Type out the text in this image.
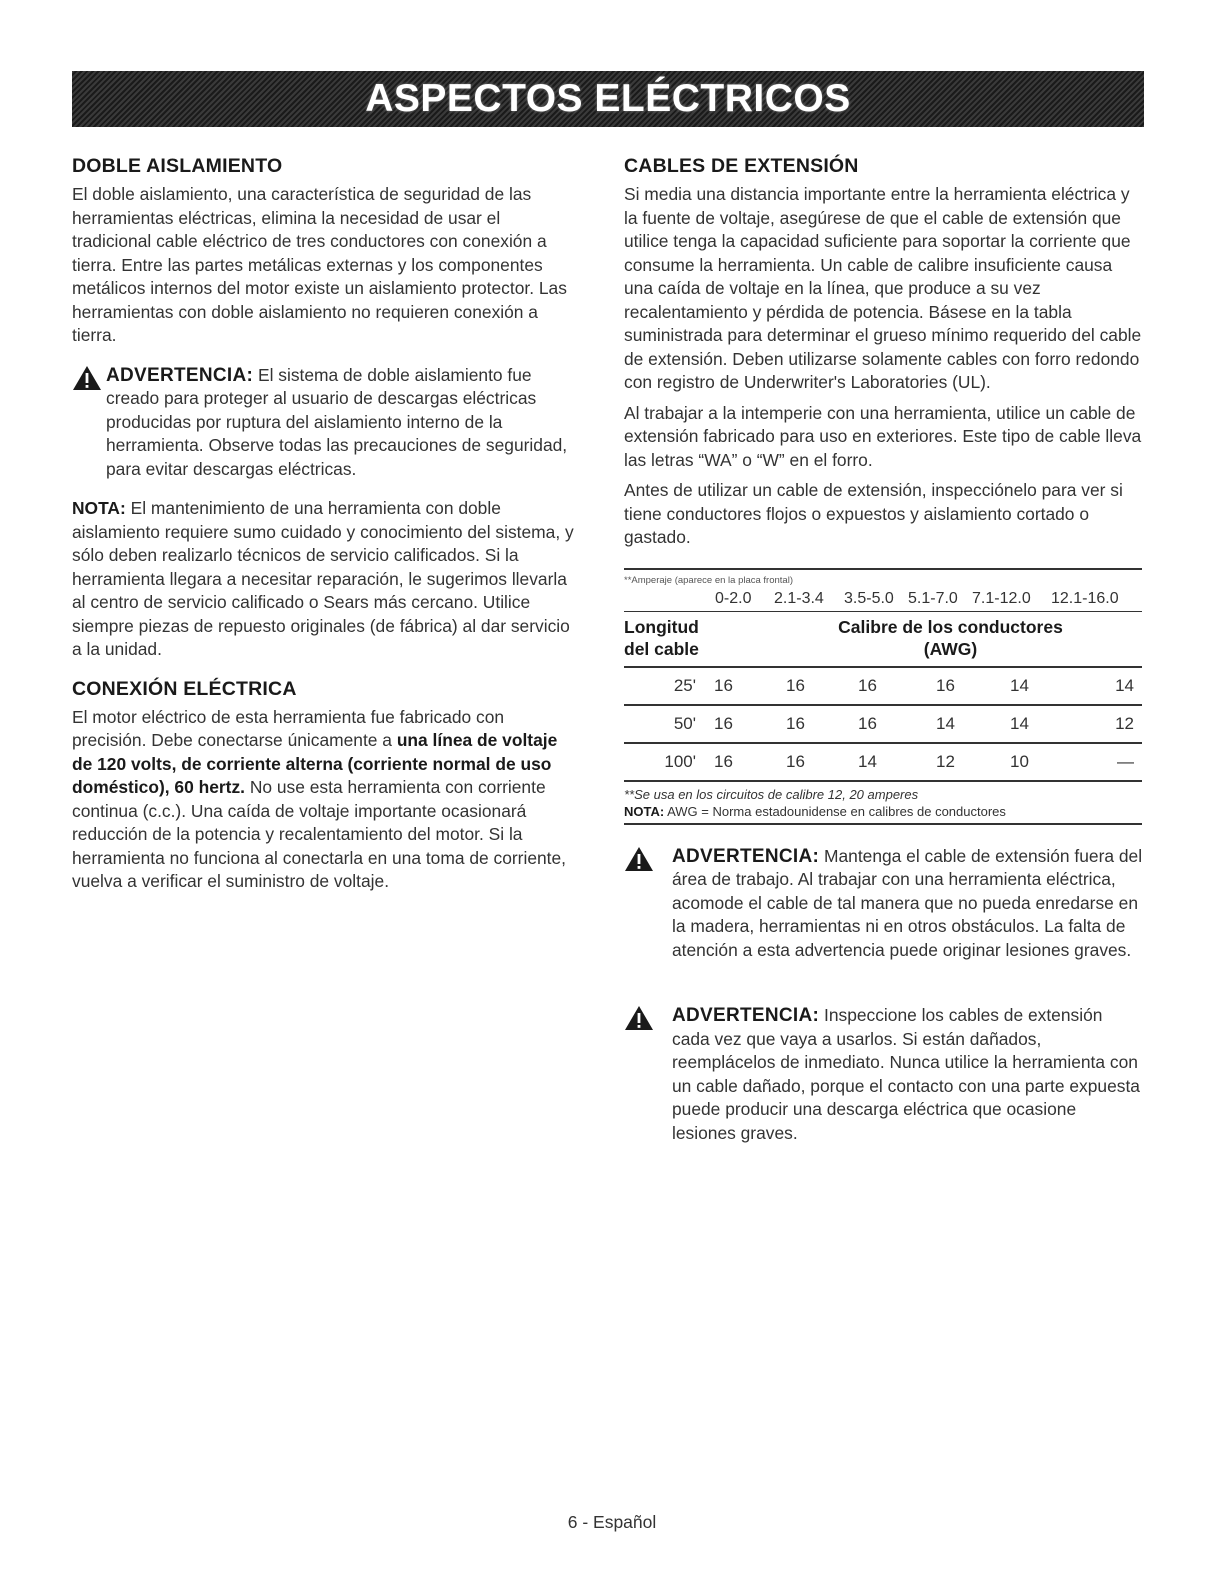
ASPECTOS ELÉCTRICOS
DOBLE AISLAMIENTO

El doble aislamiento, una característica de seguridad de las herramientas eléctricas, elimina la necesidad de usar el tradicional cable eléctrico de tres conductores con conexión a tierra. Entre las partes metálicas externas y los componentes metálicos internos del motor existe un aislamiento protector. Las herramientas con doble aislamiento no requieren conexión a tierra.

ADVERTENCIA: El sistema de doble aislamiento fue creado para proteger al usuario de descargas eléctricas producidas por ruptura del aislamiento interno de la herramienta. Observe todas las precauciones de seguridad, para evitar descargas eléctricas.

NOTA: El mantenimiento de una herramienta con doble aislamiento requiere sumo cuidado y conocimiento del sistema, y sólo deben realizarlo técnicos de servicio calificados. Si la herramienta llegara a necesitar reparación, le sugerimos llevarla al centro de servicio calificado o Sears más cercano. Utilice siempre piezas de repuesto originales (de fábrica) al dar servicio a la unidad.

CONEXIÓN ELÉCTRICA

El motor eléctrico de esta herramienta fue fabricado con precisión. Debe conectarse únicamente a una línea de voltaje de 120 volts, de corriente alterna (corriente normal de uso doméstico), 60 hertz. No use esta herramienta con corriente continua (c.c.). Una caída de voltaje importante ocasionará reducción de la potencia y recalentamiento del motor. Si la herramienta no funciona al conectarla en una toma de corriente, vuelva a verificar el suministro de voltaje.

CABLES DE EXTENSIÓN

Si media una distancia importante entre la herramienta eléctrica y la fuente de voltaje, asegúrese de que el cable de extensión que utilice tenga la capacidad suficiente para soportar la corriente que consume la herramienta. Un cable de calibre insuficiente causa una caída de voltaje en la línea, que produce a su vez recalentamiento y pérdida de potencia. Básese en la tabla suministrada para determinar el grueso mínimo requerido del cable de extensión. Deben utilizarse solamente cables con forro redondo con registro de Underwriter's Laboratories (UL).

Al trabajar a la intemperie con una herramienta, utilice un cable de extensión fabricado para uso en exteriores. Este tipo de cable lleva las letras “WA” o “W” en el forro.

Antes de utilizar un cable de extensión, inspecciónelo para ver si tiene conductores flojos o expuestos y aislamiento cortado o gastado.

**Amperaje (aparece en la placa frontal)
0-2.0	2.1-3.4	3.5-5.0 5.1-7.0 7.1-12.0	12.1-16.0
Longitud
del cable
Calibre de los conductores
(AWG)
25'	16	16	16	16	14	14
50'	16	16	16	14	14	12
100'	16	16	14	12	10	—
**Se usa en los circuitos de calibre 12, 20 amperes
NOTA: AWG = Norma estadounidense en calibres de conductores

ADVERTENCIA: Mantenga el cable de extensión fuera del área de trabajo. Al trabajar con una herramienta eléctrica, acomode el cable de tal manera que no pueda enredarse en la madera, herramientas ni en otros obstáculos. La falta de atención a esta advertencia puede originar lesiones graves.

ADVERTENCIA: Inspeccione los cables de extensión cada vez que vaya a usarlos. Si están dañados, reemplácelos de inmediato. Nunca utilice la herramienta con un cable dañado, porque el contacto con una parte expuesta puede producir una descarga eléctrica que ocasione lesiones graves.

6 - Español
